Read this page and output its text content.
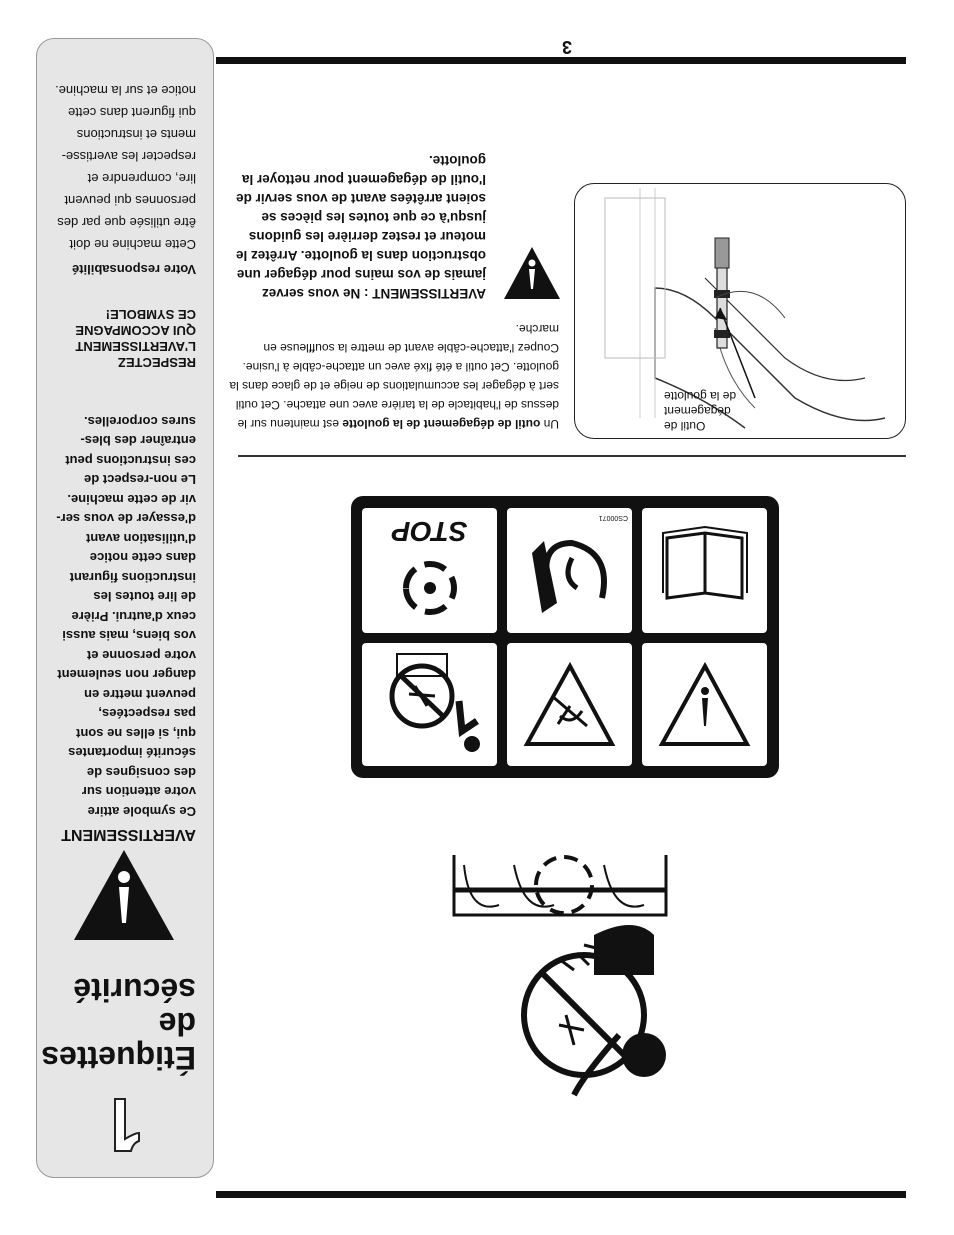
Étiquettes
de
sécurité
AVERTISSEMENT
Ce symbole attire
votre attention sur
des consignes de
sécurité importantes
qui, si elles ne sont
pas respectées,
peuvent mettre en
danger non seulement
votre personne et
vos biens, mais aussi
ceux d'autrui. Prière
de lire toutes les
instructions figurant
dans cette notice
d'utilisation avant
d'essayer de vous ser-
vir de cette machine.
Le non-respect de
ces instructions peut
entraîner des bles-
sures corporelles.
RESPECTEZ
L'AVERTISSEMENT
QUI ACCOMPAGNE
CE SYMBOLE!
Votre responsabilité
Cette machine ne doit
être utilisée que par des
personnes qui peuvent
lire, comprendre et
respecter les avertisse-
ments et instructions
qui figurent dans cette
notice et sur la machine.
3
Un outil de dégagement de la goulotte est maintenu sur le dessus de l'habitacle de la tarière avec une attache. Cet outil sert à dégager les accumulations de neige et de glace dans la goulotte. Cet outil a été fixé avec un attache-câble à l'usine. Coupez l'attache-câble avant de mettre la souffleuse en marche.
AVERTISSEMENT : Ne vous servez jamais de vos mains pour dégager une obstruction dans la goulotte. Arrêtez le moteur et restez derrière les guidons jusqu'à ce que toutes les pièces se soient arrêtées avant de vous servir de l'outil de dégagement pour nettoyer la goulotte.
Outil de
dégagement
de la goulotte
CS00071
STOP
